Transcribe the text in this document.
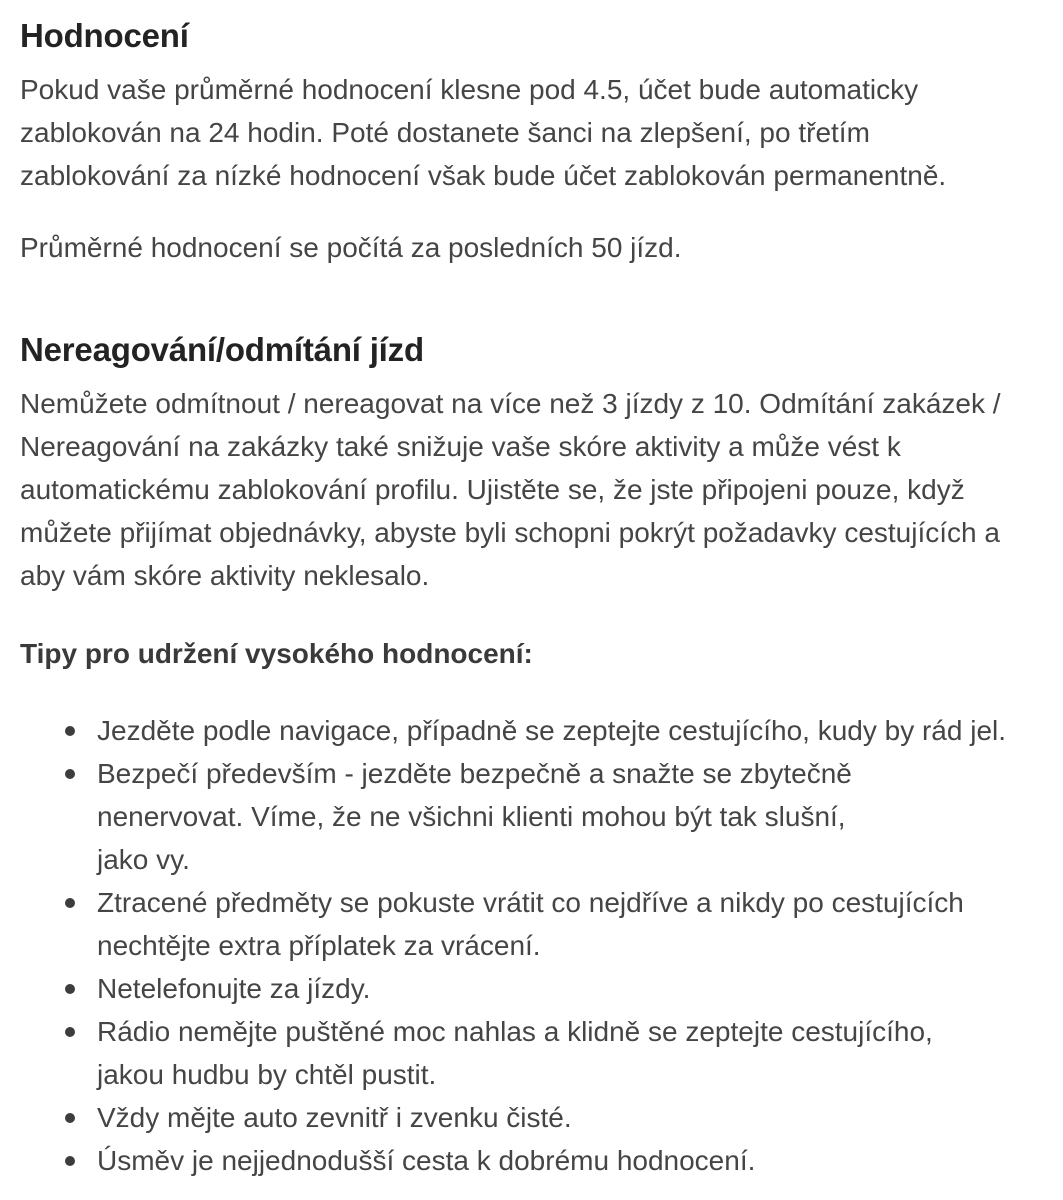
Hodnocení

Pokud vaše průměrné hodnocení klesne pod 4.5, účet bude automaticky zablokován na 24 hodin. Poté dostanete šanci na zlepšení, po třetím zablokování za nízké hodnocení však bude účet zablokován permanentně.

Průměrné hodnocení se počítá za posledních 50 jízd.

Nereagování/odmítání jízd

Nemůžete odmítnout / nereagovat na více než 3 jízdy z 10. Odmítání zakázek / Nereagování na zakázky také snižuje vaše skóre aktivity a může vést k automatickému zablokování profilu. Ujistěte se, že jste připojeni pouze, když můžete přijímat objednávky, abyste byli schopni pokrýt požadavky cestujících a aby vám skóre aktivity neklesalo.

Tipy pro udržení vysokého hodnocení:

Jezděte podle navigace, případně se zeptejte cestujícího, kudy by rád jel.
Bezpečí především - jezděte bezpečně a snažte se zbytečně nenervovat. Víme, že ne všichni klienti mohou být tak slušní, jako vy.
Ztracené předměty se pokuste vrátit co nejdříve a nikdy po cestujících nechtějte extra příplatek za vrácení.
Netelefonujte za jízdy.
Rádio nemějte puštěné moc nahlas a klidně se zeptejte cestujícího, jakou hudbu by chtěl pustit.
Vždy mějte auto zevnitř i zvenku čisté.
Úsměv je nejjednodušší cesta k dobrému hodnocení.
